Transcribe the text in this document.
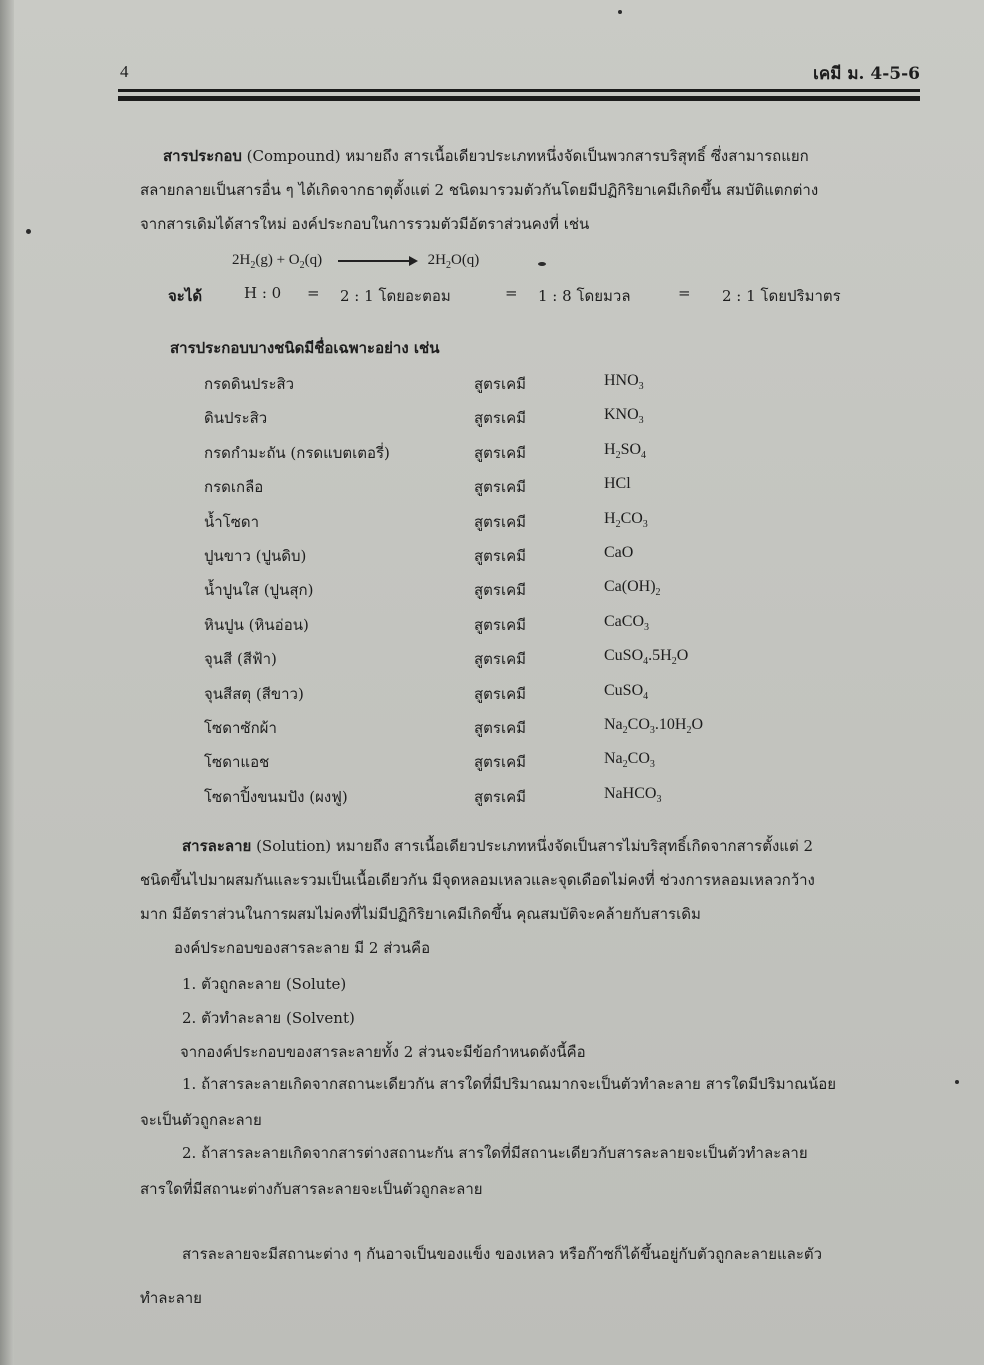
4	เคมี ม. 4-5-6
สารประกอบ (Compound) หมายถึง สารเนื้อเดียวประเภทหนึ่งจัดเป็นพวกสารบริสุทธิ์ ซึ่งสามารถแยก
สลายกลายเป็นสารอื่น ๆ ได้เกิดจากธาตุตั้งแต่ 2 ชนิดมารวมตัวกันโดยมีปฏิกิริยาเคมีเกิดขึ้น สมบัติแตกต่าง
จากสารเดิมได้สารใหม่ องค์ประกอบในการรวมตัวมีอัตราส่วนคงที่ เช่น
$2H_2(g) + O_2(q)$	$2H_2O(q)$
จะได้	H : 0 = 2 : 1 โดยอะตอม	= 1 : 8 โดยมวล	= 2 : 1 โดยปริมาตร
สารประกอบบางชนิดมีชื่อเฉพาะอย่าง เช่น
กรดดินประสิว	สูตรเคมี	$HNO_3$
ดินประสิว	สูตรเคมี	$KNO_3$
กรดกำมะถัน (กรดแบตเตอรี่)	สูตรเคมี	$H_2SO_4$
กรดเกลือ	สูตรเคมี	HCl
น้ำโซดา	สูตรเคมี	$H_2CO_3$
ปูนขาว (ปูนดิบ)	สูตรเคมี	CaO
น้ำปูนใส (ปูนสุก)	สูตรเคมี	$Ca(OH)_2$
หินปูน (หินอ่อน)	สูตรเคมี	CaCO$_3$
จุนสี (สีฟ้า)	สูตรเคมี	$CuSO_4.5H_2O$
จุนสีสตุ (สีขาว)	สูตรเคมี	CuSO$_4$
โซดาซักผ้า	สูตรเคมี	$Na_2CO_3.10H_2O$
โซดาแอช	สูตรเคมี	$Na_2CO_3$
โซดาปิ้งขนมปัง (ผงฟู)	สูตรเคมี	NaHCO$_3$
สารละลาย (Solution) หมายถึง สารเนื้อเดียวประเภทหนึ่งจัดเป็นสารไม่บริสุทธิ์เกิดจากสารตั้งแต่ 2
ชนิดขึ้นไปมาผสมกันและรวมเป็นเนื้อเดียวกัน มีจุดหลอมเหลวและจุดเดือดไม่คงที่ ช่วงการหลอมเหลวกว้าง
มาก มีอัตราส่วนในการผสมไม่คงที่ไม่มีปฏิกิริยาเคมีเกิดขึ้น คุณสมบัติจะคล้ายกับสารเดิม
องค์ประกอบของสารละลาย มี 2 ส่วนคือ
1. ตัวถูกละลาย (Solute)
2. ตัวทำละลาย (Solvent)
จากองค์ประกอบของสารละลายทั้ง 2 ส่วนจะมีข้อกำหนดดังนี้คือ
1. ถ้าสารละลายเกิดจากสถานะเดียวกัน สารใดที่มีปริมาณมากจะเป็นตัวทำละลาย สารใดมีปริมาณน้อย
จะเป็นตัวถูกละลาย
2. ถ้าสารละลายเกิดจากสารต่างสถานะกัน สารใดที่มีสถานะเดียวกับสารละลายจะเป็นตัวทำละลาย
สารใดที่มีสถานะต่างกับสารละลายจะเป็นตัวถูกละลาย
สารละลายจะมีสถานะต่าง ๆ กันอาจเป็นของแข็ง ของเหลว หรือก๊าซก็ได้ขึ้นอยู่กับตัวถูกละลายและตัว
ทำละลาย
